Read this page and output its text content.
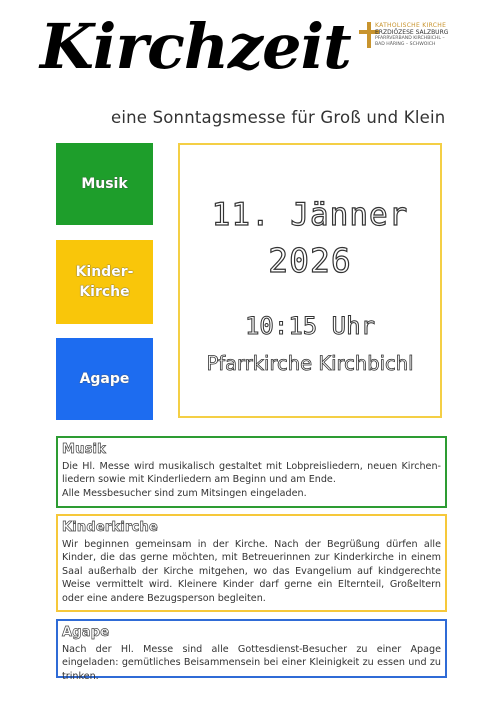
Kirchzeit	KATHOLISCHE KIRCHE
ERZDIÖZESE SALZBURG
PFARRVERBAND KIRCHBICHL –
BAD HÄRING – SCHWOICH
eine Sonntagsmesse für Groß und Klein
Musik
Kinder-
Kirche
Agape
11. Jänner
2026
10:15 Uhr
Pfarrkirche Kirchbichl
Musik

Die Hl. Messe wird musikalisch gestaltet mit Lobpreisliedern, neuen Kirchen-liedern sowie mit Kinderliedern am Beginn und am Ende.

Alle Messbesucher sind zum Mitsingen eingeladen.

Kinderkirche

Wir beginnen gemeinsam in der Kirche. Nach der Begrüßung dürfen alle Kinder, die das gerne möchten, mit Betreuerinnen zur Kinderkirche in einem Saal außerhalb der Kirche mitgehen, wo das Evangelium auf kindgerechte Weise vermittelt wird. Kleinere Kinder darf gerne ein Elternteil, Großeltern oder eine andere Bezugsperson begleiten.

Agape

Nach der Hl. Messe sind alle Gottesdienst-Besucher zu einer Apage eingeladen: gemütliches Beisammensein bei einer Kleinigkeit zu essen und zu trinken.
